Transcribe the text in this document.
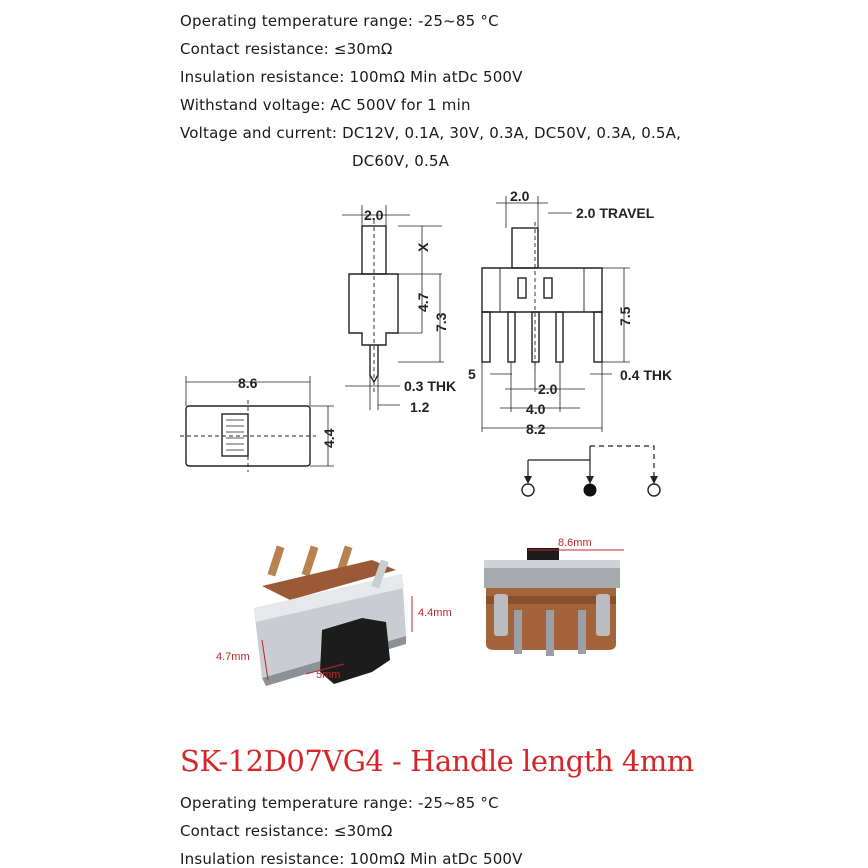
Operating temperature range: -25~85 °C
Contact resistance: ≤30mΩ
Insulation resistance: 100mΩ Min atDc 500V
Withstand voltage: AC 500V for 1 min
Voltage and current: DC12V, 0.1A, 30V, 0.3A, DC50V, 0.3A, 0.5A,
DC60V, 0.5A
2.0
X
4.7
7.3
2.0
2.0 TRAVEL
7.5
0.3 THK
1.2
8.6
4.4
5	0.4 THK
2.0
4.0
8.2
4.4mm
4.7mm
5mm
8.6mm
SK-12D07VG4 - Handle length 4mm
Operating temperature range: -25~85 °C
Contact resistance: ≤30mΩ
Insulation resistance: 100mΩ Min atDc 500V
